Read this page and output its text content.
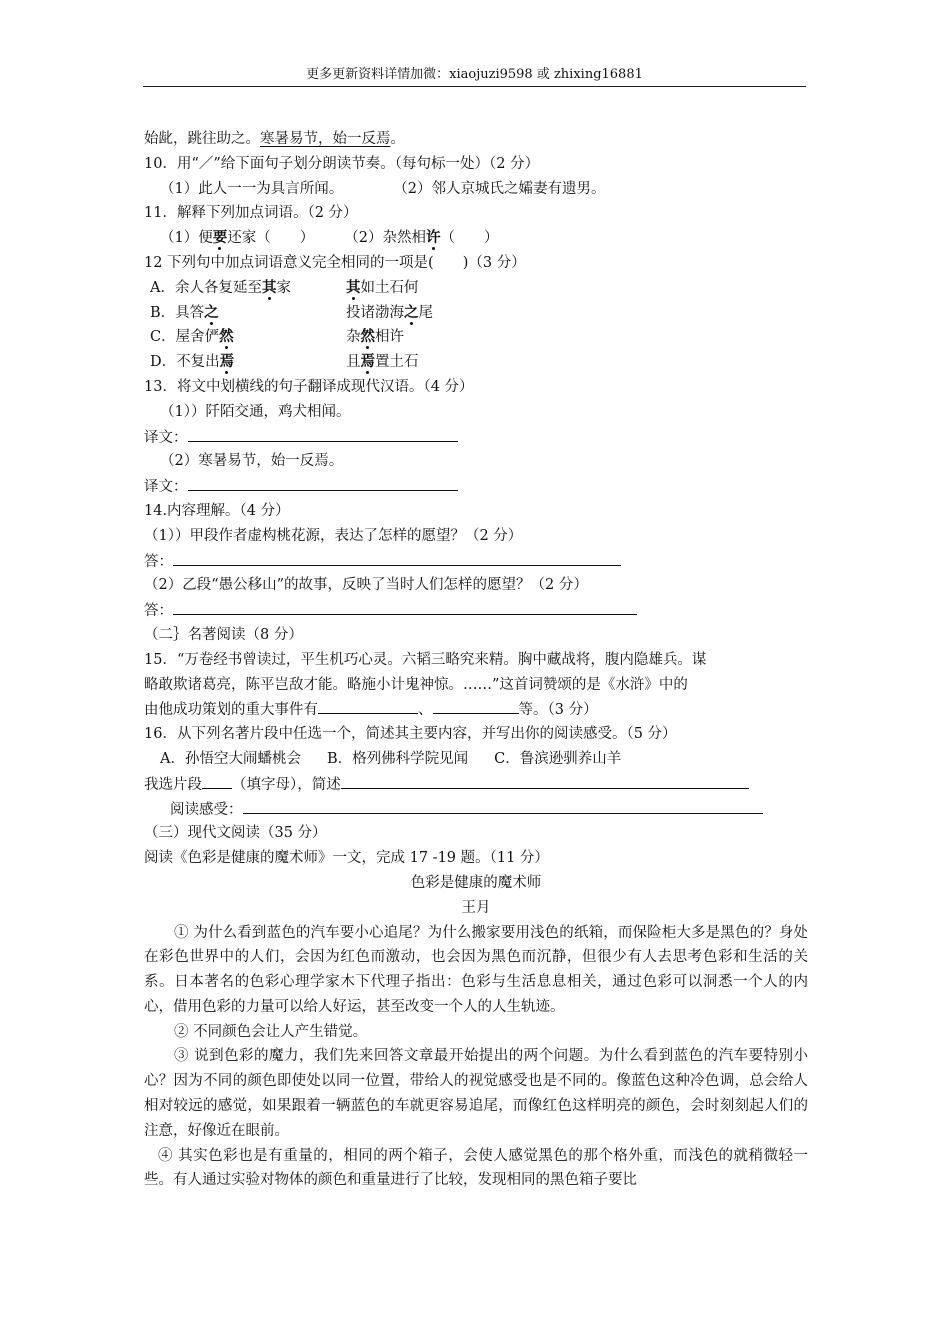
更多更新资料详情加微：xiaojuzi9598 或 zhixing16881
始龀，跳往助之。寒暑易节，始一反焉。
10．用“／”给下面句子划分朗读节奏。（每句标一处）（2 分）
（1）此人一一为具言所闻。	（2）邻人京城氏之孀妻有遗男。
11．解释下列加点词语。（2 分）
（1）便要还家（　　） （2）杂然相许（　　）
12 下列句中加点词语意义完全相同的一项是(　　)（3 分）
A．余人各复延至其家	其如土石何
B．具答之	投诸渤海之尾
C．屋舍俨然	杂然相许
D．不复出焉	且焉置土石
13．将文中划横线的句子翻译成现代汉语。（4 分）
（1））阡陌交通，鸡犬相闻。
译文：
（2）寒暑易节，始一反焉。
译文：
14.内容理解。（4 分）
（1））甲段作者虚构桃花源，表达了怎样的愿望？（2 分）
答：
（2）乙段“愚公移山”的故事，反映了当时人们怎样的愿望？（2 分）
答：
（二｝名著阅读（8 分）
15．“万卷经书曾读过，平生机巧心灵。六韬三略究来精。胸中藏战将，腹内隐雄兵。谋
略敢欺诸葛亮，陈平岂敌才能。略施小计鬼神惊。……”这首词赞颂的是《水浒》中的
由他成功策划的重大事件有	、	等。（3 分）
16．从下列名著片段中任选一个，简述其主要内容，并写出你的阅读感受。（5 分）
A．孙悟空大闹蟠桃会 B．格列佛科学院见闻 C．鲁滨逊驯养山羊
我选片段 （填字母），简述
阅读感受：
（三）现代文阅读（35 分）
阅读《色彩是健康的魔术师》一文，完成 17 -19 题。（11 分）
色彩是健康的魔术师
王月
① 为什么看到蓝色的汽车要小心追尾？为什么搬家要用浅色的纸箱，而保险柜大多是黑色的？身处在彩色世界中的人们，会因为红色而激动，也会因为黑色而沉静，但很少有人去思考色彩和生活的关系。日本著名的色彩心理学家木下代理子指出：色彩与生活息息相关，通过色彩可以洞悉一个人的内心，借用色彩的力量可以给人好运，甚至改变一个人的人生轨迹。
② 不同颜色会让人产生错觉。
③ 说到色彩的魔力，我们先来回答文章最开始提出的两个问题。为什么看到蓝色的汽车要特别小心？因为不同的颜色即使处以同一位置，带给人的视觉感受也是不同的。像蓝色这种冷色调，总会给人相对较远的感觉，如果跟着一辆蓝色的车就更容易追尾，而像红色这样明亮的颜色，会时刻刻起人们的注意，好像近在眼前。
④ 其实色彩也是有重量的，相同的两个箱子，会使人感觉黑色的那个格外重，而浅色的就稍微轻一些。有人通过实验对物体的颜色和重量进行了比较，发现相同的黑色箱子要比
